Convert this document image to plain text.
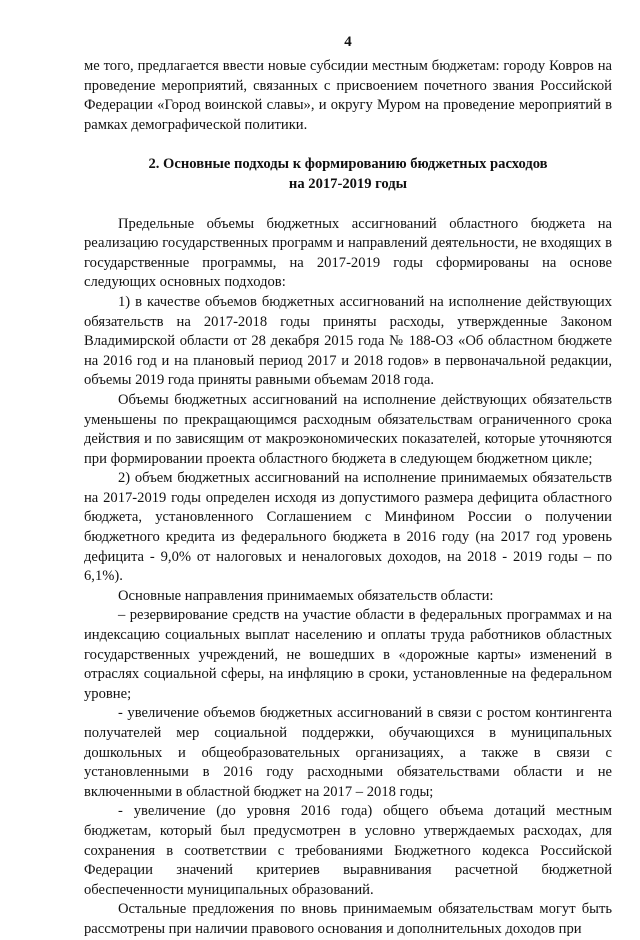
4

ме того, предлагается ввести новые субсидии местным бюджетам: городу Ковров на проведение мероприятий, связанных с присвоением почетного звания Российской Федерации «Город воинской славы», и округу Муром на проведение мероприятий в рамках демографической политики.

2. Основные подходы к формированию бюджетных расходов
на 2017-2019 годы

Предельные объемы бюджетных ассигнований областного бюджета на реализацию государственных программ и направлений деятельности, не входящих в государственные программы, на 2017-2019 годы сформированы на основе следующих основных подходов:

1) в качестве объемов бюджетных ассигнований на исполнение действующих обязательств на 2017-2018 годы приняты расходы, утвержденные Законом Владимирской области от 28 декабря 2015 года № 188-ОЗ «Об областном бюджете на 2016 год и на плановый период 2017 и 2018 годов» в первоначальной редакции, объемы 2019 года приняты равными объемам 2018 года.

Объемы бюджетных ассигнований на исполнение действующих обязательств уменьшены по прекращающимся расходным обязательствам ограниченного срока действия и по зависящим от макроэкономических показателей, которые уточняются при формировании проекта областного бюджета в следующем бюджетном цикле;

2) объем бюджетных ассигнований на исполнение принимаемых обязательств на 2017-2019 годы определен исходя из допустимого размера дефицита областного бюджета, установленного Соглашением с Минфином России о получении бюджетного кредита из федерального бюджета в 2016 году (на 2017 год уровень дефицита - 9,0% от налоговых и неналоговых доходов, на 2018 - 2019 годы – по 6,1%).

Основные направления принимаемых обязательств области:

– резервирование средств на участие области в федеральных программах и на индексацию социальных выплат населению и оплаты труда работников областных государственных учреждений, не вошедших в «дорожные карты» изменений в отраслях социальной сферы, на инфляцию в сроки, установленные на федеральном уровне;

- увеличение объемов бюджетных ассигнований в связи с ростом контингента получателей мер социальной поддержки, обучающихся в муниципальных дошкольных и общеобразовательных организациях, а также в связи с установленными в 2016 году расходными обязательствами области и не включенными в областной бюджет на 2017 – 2018 годы;

- увеличение (до уровня 2016 года) общего объема дотаций местным бюджетам, который был предусмотрен в условно утверждаемых расходах, для сохранения в соответствии с требованиями Бюджетного кодекса Российской Федерации значений критериев выравнивания расчетной бюджетной обеспеченности муниципальных образований.

Остальные предложения по вновь принимаемым обязательствам могут быть рассмотрены при наличии правового основания и дополнительных доходов при
